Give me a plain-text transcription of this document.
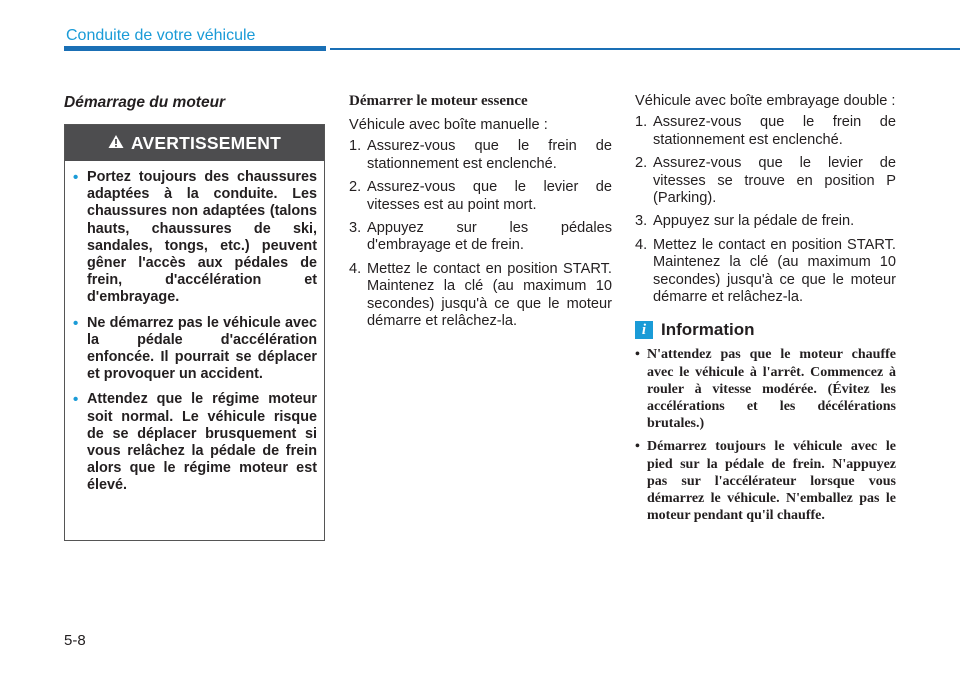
Conduite de votre véhicule
Démarrage du moteur
AVERTISSEMENT
• Portez toujours des chaussures adaptées à la conduite. Les chaussures non adaptées (talons hauts, chaussures de ski, sandales, tongs, etc.) peuvent gêner l'accès aux pédales de frein, d'accélération et d'embrayage.
• Ne démarrez pas le véhicule avec la pédale d'accélération enfoncée. Il pourrait se déplacer et provoquer un accident.
• Attendez que le régime moteur soit normal. Le véhicule risque de se déplacer brusquement si vous relâchez la pédale de frein alors que le régime moteur est élevé.
Démarrer le moteur essence
Véhicule avec boîte manuelle :
1. Assurez-vous que le frein de stationnement est enclenché.
2. Assurez-vous que le levier de vitesses est au point mort.
3. Appuyez sur les pédales d'embrayage et de frein.
4. Mettez le contact en position START. Maintenez la clé (au maximum 10 secondes) jusqu'à ce que le moteur démarre et relâchez-la.
Véhicule avec boîte embrayage double :
1. Assurez-vous que le frein de stationnement est enclenché.
2. Assurez-vous que le levier de vitesses se trouve en position P (Parking).
3. Appuyez sur la pédale de frein.
4. Mettez le contact en position START. Maintenez la clé (au maximum 10 secondes) jusqu'à ce que le moteur démarre et relâchez-la.
i Information
• N'attendez pas que le moteur chauffe avec le véhicule à l'arrêt. Commencez à rouler à vitesse modérée. (Évitez les accélérations et les décélérations brutales.)
• Démarrez toujours le véhicule avec le pied sur la pédale de frein. N'appuyez pas sur l'accélérateur lorsque vous démarrez le véhicule. N'emballez pas le moteur pendant qu'il chauffe.
5-8
